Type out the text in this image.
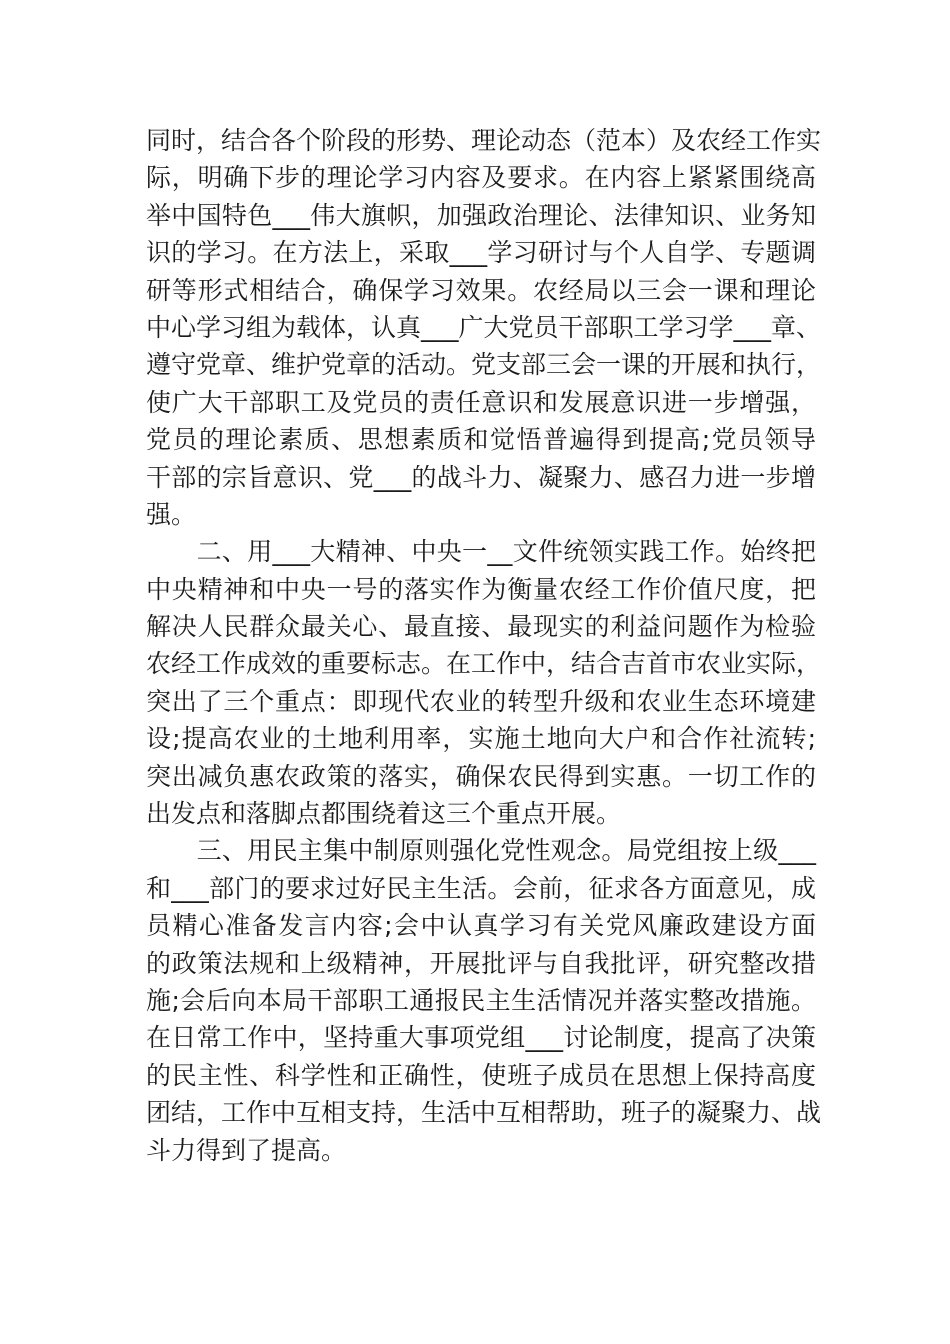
同时，结合各个阶段的形势、理论动态（范本）及农经工作实
际，明确下步的理论学习内容及要求。在内容上紧紧围绕高
举中国特色___伟大旗帜，加强政治理论、法律知识、业务知
识的学习。在方法上，采取___学习研讨与个人自学、专题调
研等形式相结合，确保学习效果。农经局以三会一课和理论
中心学习组为载体，认真___广大党员干部职工学习学___章、
遵守党章、维护党章的活动。党支部三会一课的开展和执行，
使广大干部职工及党员的责任意识和发展意识进一步增强，
党员的理论素质、思想素质和觉悟普遍得到提高;党员领导
干部的宗旨意识、党___的战斗力、凝聚力、感召力进一步增
强。
　　二、用___大精神、中央一__文件统领实践工作。始终把
中央精神和中央一号的落实作为衡量农经工作价值尺度，把
解决人民群众最关心、最直接、最现实的利益问题作为检验
农经工作成效的重要标志。在工作中，结合吉首市农业实际，
突出了三个重点：即现代农业的转型升级和农业生态环境建
设;提高农业的土地利用率，实施土地向大户和合作社流转;
突出减负惠农政策的落实，确保农民得到实惠。一切工作的
出发点和落脚点都围绕着这三个重点开展。
　　三、用民主集中制原则强化党性观念。局党组按上级___
和___部门的要求过好民主生活。会前，征求各方面意见，成
员精心准备发言内容;会中认真学习有关党风廉政建设方面
的政策法规和上级精神，开展批评与自我批评，研究整改措
施;会后向本局干部职工通报民主生活情况并落实整改措施。
在日常工作中，坚持重大事项党组___讨论制度，提高了决策
的民主性、科学性和正确性，使班子成员在思想上保持高度
团结，工作中互相支持，生活中互相帮助，班子的凝聚力、战
斗力得到了提高。
